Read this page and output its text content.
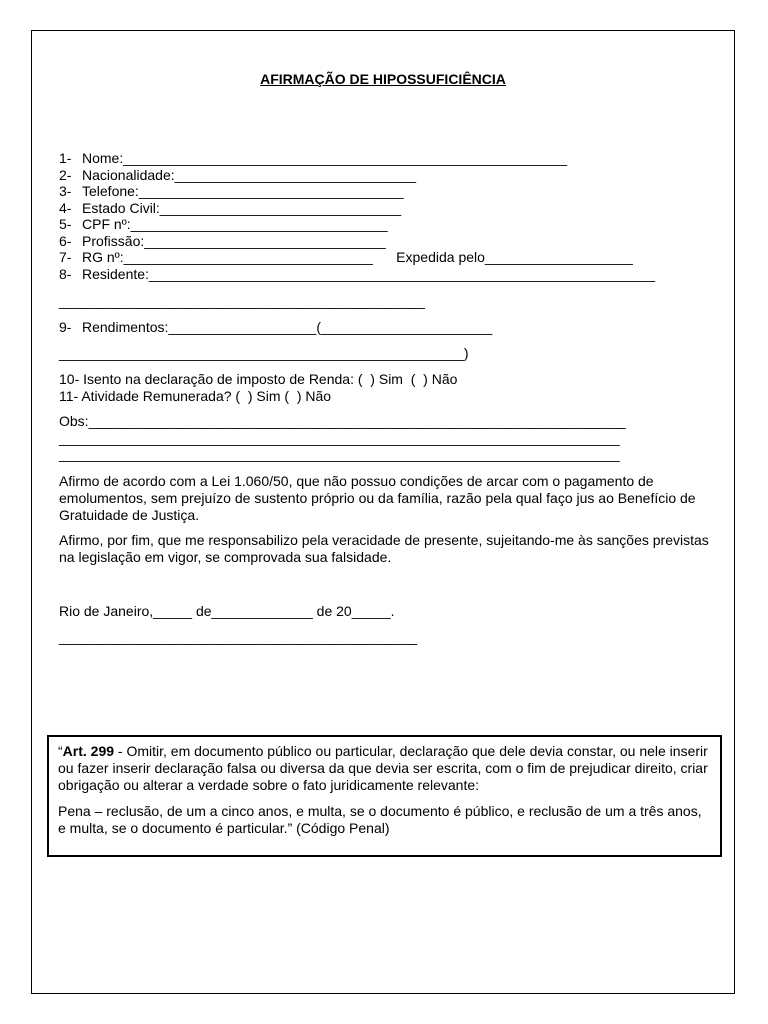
AFIRMAÇÃO DE HIPOSSUFICIÊNCIA
1- Nome:_________________________________________________________
2- Nacionalidade:_______________________________
3- Telefone:__________________________________
4- Estado Civil:_______________________________
5- CPF nº:_________________________________
6- Profissão:_______________________________
7- RG nº:________________________________      Expedida pelo___________________
8- Residente:_________________________________________________________________
_______________________________________________
9- Rendimentos:___________________(______________________
____________________________________________________)
10- Isento na declaração de imposto de Renda: (  ) Sim  (  ) Não
11- Atividade Remunerada? (  ) Sim (  ) Não
Obs:_____________________________________________________________________
________________________________________________________________________
________________________________________________________________________

Afirmo de acordo com a Lei 1.060/50, que não possuo condições de arcar com o pagamento de emolumentos, sem prejuízo de sustento próprio ou da família, razão pela qual faço jus ao Benefício de Gratuidade de Justiça.

Afirmo, por fim, que me responsabilizo pela veracidade de presente, sujeitando-me às sanções previstas na legislação em vigor, se comprovada sua falsidade.

Rio de Janeiro,_____ de_____________ de 20_____.
______________________________________________

“Art. 299 - Omitir, em documento público ou particular, declaração que dele devia constar, ou nele inserir ou fazer inserir declaração falsa ou diversa da que devia ser escrita, com o fim de prejudicar direito, criar obrigação ou alterar a verdade sobre o fato juridicamente relevante:

Pena – reclusão, de um a cinco anos, e multa, se o documento é público, e reclusão de um a três anos, e multa, se o documento é particular.” (Código Penal)
